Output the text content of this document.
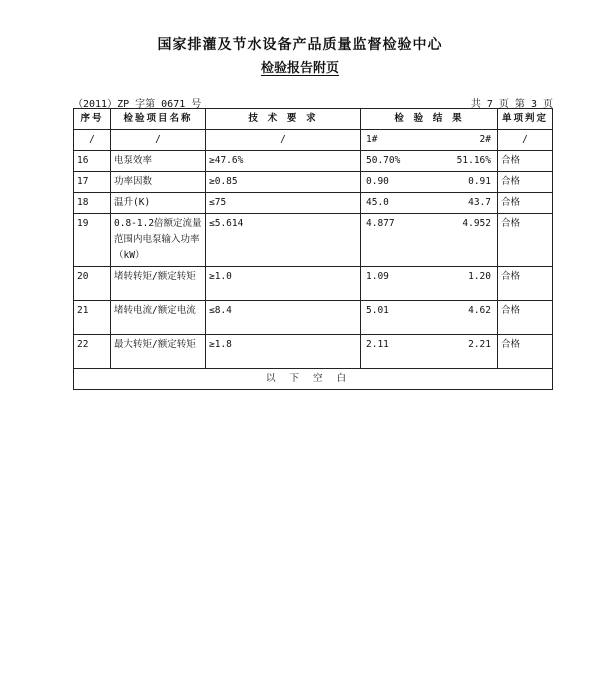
国家排灌及节水设备产品质量监督检验中心
检验报告附页
（2011）ZP 字第 0671 号	共 7 页 第 3 页
序号	检验项目名称	技 术 要 求	检 验 结 果	单项判定
/	/	/	1# 2#	/
16	电泵效率	≥47.6%	50.70% 51.16%	合格
17	功率因数	≥0.85	0.90 0.91	合格
18	温升(K)	≤75	45.0 43.7	合格
19	0.8-1.2倍额定流量范围内电泵输入功率（kW）	≤5.614	4.877 4.952	合格
20	堵转转矩/额定转矩	≥1.0	1.09 1.20	合格
21	堵转电流/额定电流	≤8.4	5.01 4.62	合格
22	最大转矩/额定转矩	≥1.8	2.11 2.21	合格
以下空白				
